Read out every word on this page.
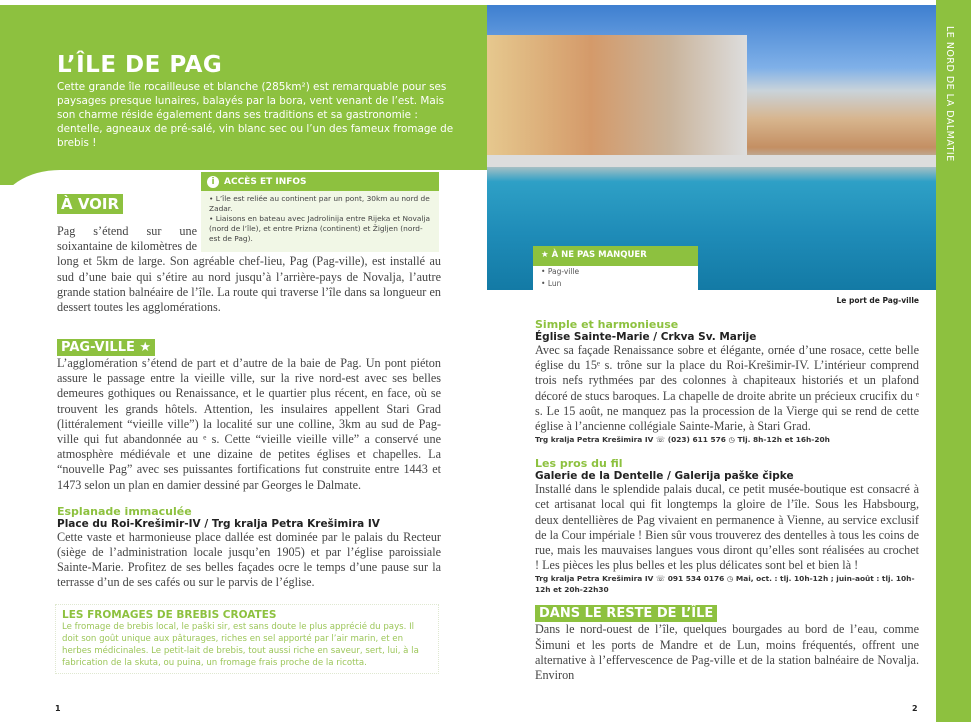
L’ÎLE DE PAG
Cette grande île rocailleuse et blanche (285km²) est remarquable pour ses paysages presque lunaires, balayés par la bora, vent venant de l’est. Mais son charme réside également dans ses traditions et sa gastronomie : dentelle, agneaux de pré-salé, vin blanc sec ou l’un des fameux fromage de brebis !
À VOIR
i	ACCÈS ET INFOS
• L’île est reliée au continent par un pont, 30km au nord de Zadar.
• Liaisons en bateau avec Jadrolinija entre Rijeka et Novalja (nord de l’île), et entre Prizna (continent) et Žigljen (nord-est de Pag).
Pag s’étend sur une soixantaine de kilomètres de long et 5km de large. Son agréable chef-lieu, Pag (Pag-ville), est installé au sud d’une baie qui s’étire au nord jusqu’à l’arrière-pays de Novalja, l’autre grande station balnéaire de l’île. La route qui traverse l’île dans sa longueur en dessert toutes les agglomérations.
PAG-VILLE ★
L’agglomération s’étend de part et d’autre de la baie de Pag. Un pont piéton assure le passage entre la vieille ville, sur la rive nord-est avec ses belles demeures gothiques ou Renaissance, et le quartier plus récent, en face, où se trouvent les grands hôtels. Attention, les insulaires appellent Stari Grad (littéralement “vieille ville”) la localité sur une colline, 3km au sud de Pag-ville qui fut abandonnée au ᵉ s. Cette “vieille vieille ville” a conservé une atmosphère médiévale et une dizaine de petites églises et chapelles. La “nouvelle Pag” avec ses puissantes fortifications fut construite entre 1443 et 1473 selon un plan en damier dessiné par Georges le Dalmate.
Esplanade immaculée
Place du Roi-Krešimir-IV / Trg kralja Petra Krešimira IV
Cette vaste et harmonieuse place dallée est dominée par le palais du Recteur (siège de l’administration locale jusqu’en 1905) et par l’église paroissiale Sainte-Marie. Profitez de ses belles façades ocre le temps d’une pause sur la terrasse d’un de ses cafés ou sur le parvis de l’église.
LES FROMAGES DE BREBIS CROATES
Le fromage de brebis local, le paški sir, est sans doute le plus apprécié du pays. Il doit son goût unique aux pâturages, riches en sel apporté par l’air marin, et en herbes médicinales. Le petit-lait de brebis, tout aussi riche en saveur, sert, lui, à la fabrication de la skuta, ou puina, un fromage frais proche de la ricotta.
1
★ À NE PAS MANQUER
• Pag-ville
• Lun
Le port de Pag-ville
LE NORD DE LA DALMATIE
Simple et harmonieuse
Église Sainte-Marie / Crkva Sv. Marije
Avec sa façade Renaissance sobre et élégante, ornée d’une rosace, cette belle église du 15ᵉ s. trône sur la place du Roi-Krešimir-IV. L’intérieur comprend trois nefs rythmées par des colonnes à chapiteaux historiés et un plafond décoré de stucs baroques. La chapelle de droite abrite un précieux crucifix du ᵉ s. Le 15 août, ne manquez pas la procession de la Vierge qui se rend de cette église à l’ancienne collégiale Sainte-Marie, à Stari Grad.
Trg kralja Petra Krešimira IV ☏ (023) 611 576 ◷ Tlj. 8h-12h et 16h-20h
Les pros du fil
Galerie de la Dentelle / Galerija paške čipke
Installé dans le splendide palais ducal, ce petit musée-boutique est consacré à cet artisanat local qui fit longtemps la gloire de l’île. Sous les Habsbourg, deux dentellières de Pag vivaient en permanence à Vienne, au service exclusif de la Cour impériale ! Bien sûr vous trouverez des dentelles à tous les coins de rue, mais les mauvaises langues vous diront qu’elles sont réalisées au crochet ! Les pièces les plus belles et les plus délicates sont bel et bien là !
Trg kralja Petra Krešimira IV ☏ 091 534 0176 ◷ Mai, oct. : tlj. 10h-12h ; juin-août : tlj. 10h-12h et 20h-22h30
DANS LE RESTE DE L’ÎLE
Dans le nord-ouest de l’île, quelques bourgades au bord de l’eau, comme Šimuni et les ports de Mandre et de Lun, moins fréquentés, offrent une alternative à l’effervescence de Pag-ville et de la station balnéaire de Novalja. Environ
2
